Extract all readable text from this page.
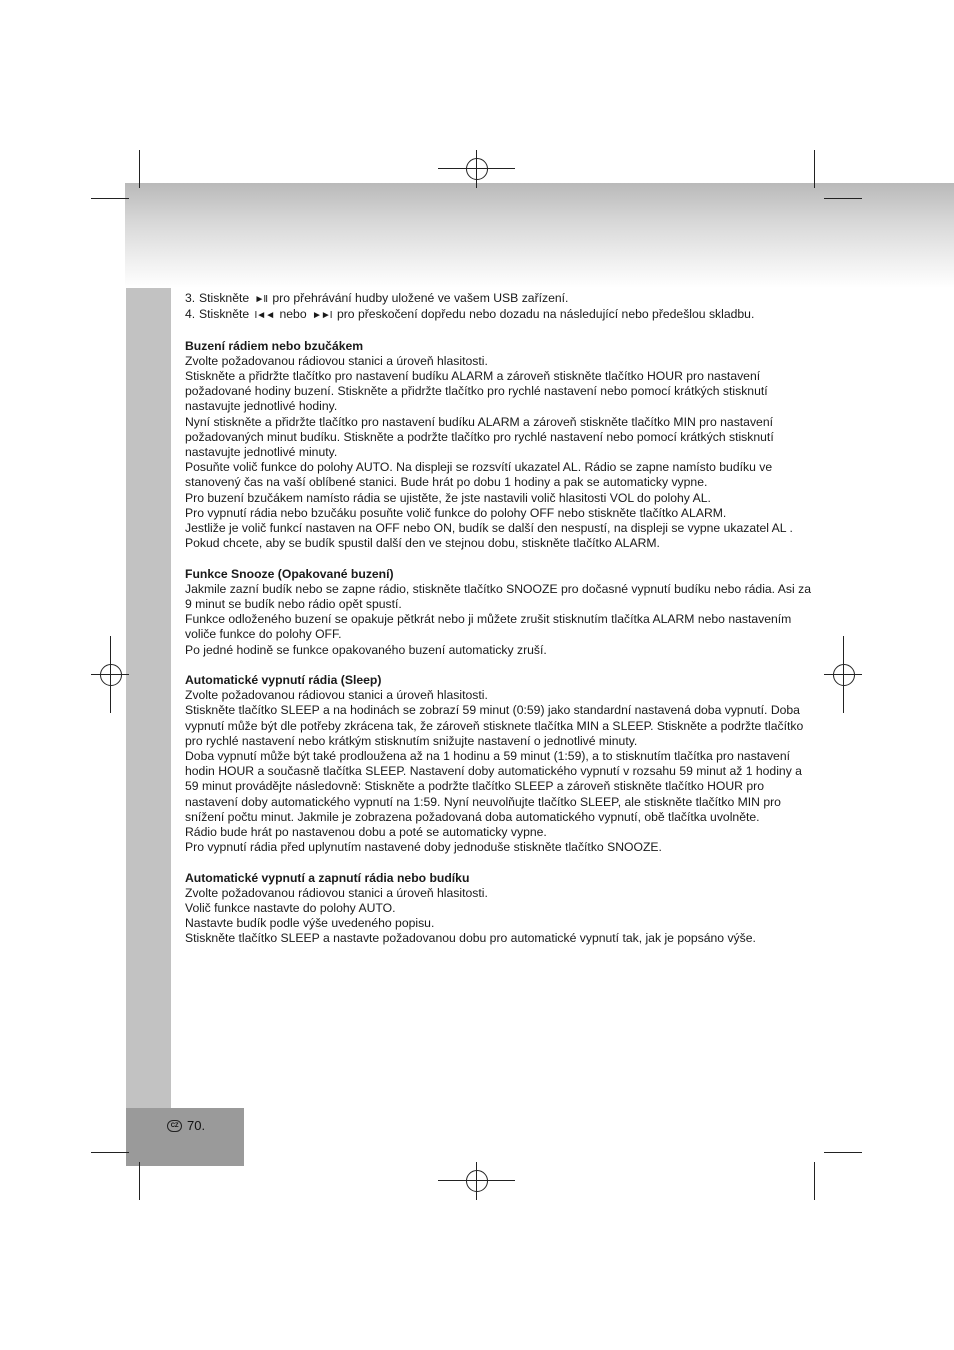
CZ 70.
3. Stiskněte ►II pro přehrávání hudby uložené ve vašem USB zařízení.
4. Stiskněte I◄◄ nebo ►►I pro přeskočení dopředu nebo dozadu na následující nebo předešlou skladbu.
Buzení rádiem nebo bzučákem

Zvolte požadovanou rádiovou stanici a úroveň hlasitosti.

Stiskněte a přidržte tlačítko pro nastavení budíku ALARM a zároveň stiskněte tlačítko HOUR pro nastavení požadované hodiny buzení. Stiskněte a přidržte tlačítko pro rychlé nastavení nebo pomocí krátkých stisknutí nastavujte jednotlivé hodiny.

Nyní stiskněte a přidržte tlačítko pro nastavení budíku ALARM a zároveň stiskněte tlačítko MIN pro nastavení požadovaných minut budíku. Stiskněte a podržte tlačítko pro rychlé nastavení nebo pomocí krátkých stisknutí nastavujte jednotlivé minuty.

Posuňte volič funkce do polohy AUTO. Na displeji se rozsvítí ukazatel AL. Rádio se zapne namísto budíku ve stanovený čas na vaší oblíbené stanici. Bude hrát po dobu 1 hodiny a pak se automaticky vypne.

Pro buzení bzučákem namísto rádia se ujistěte, že jste nastavili volič hlasitosti VOL do polohy AL.

Pro vypnutí rádia nebo bzučáku posuňte volič funkce do polohy OFF nebo stiskněte tlačítko ALARM.

Jestliže je volič funkcí nastaven na OFF nebo ON, budík se další den nespustí, na displeji se vypne ukazatel AL . Pokud chcete, aby se budík spustil další den ve stejnou dobu, stiskněte tlačítko ALARM.

Funkce Snooze (Opakované buzení)

Jakmile zazní budík nebo se zapne rádio, stiskněte tlačítko SNOOZE pro dočasné vypnutí budíku nebo rádia. Asi za 9 minut se budík nebo rádio opět spustí.

Funkce odloženého buzení se opakuje pětkrát nebo ji můžete zrušit stisknutím tlačítka ALARM nebo nastavením voliče funkce do polohy OFF.

Po jedné hodině se funkce opakovaného buzení automaticky zruší.

Automatické vypnutí rádia (Sleep)

Zvolte požadovanou rádiovou stanici a úroveň hlasitosti.

Stiskněte tlačítko SLEEP a na hodinách se zobrazí 59 minut (0:59) jako standardní nastavená doba vypnutí. Doba vypnutí může být dle potřeby zkrácena tak, že zároveň stisknete tlačítka MIN a SLEEP. Stiskněte a podržte tlačítko pro rychlé nastavení nebo krátkým stisknutím snižujte nastavení o jednotlivé minuty.

Doba vypnutí může být také prodloužena až na 1 hodinu a 59 minut (1:59), a to stisknutím tlačítka pro nastavení hodin HOUR a současně tlačítka SLEEP. Nastavení doby automatického vypnutí v rozsahu 59 minut až 1 hodiny a 59 minut provádějte následovně: Stiskněte a podržte tlačítko SLEEP a zároveň stiskněte tlačítko HOUR pro nastavení doby automatického vypnutí na 1:59. Nyní neuvolňujte tlačítko SLEEP, ale stiskněte tlačítko MIN pro snížení počtu minut. Jakmile je zobrazena požadovaná doba automatického vypnutí, obě tlačítka uvolněte.

Rádio bude hrát po nastavenou dobu a poté se automaticky vypne.

Pro vypnutí rádia před uplynutím nastavené doby jednoduše stiskněte tlačítko SNOOZE.

Automatické vypnutí a zapnutí rádia nebo budíku

Zvolte požadovanou rádiovou stanici a úroveň hlasitosti.

Volič funkce nastavte do polohy AUTO.

Nastavte budík podle výše uvedeného popisu.

Stiskněte tlačítko SLEEP a nastavte požadovanou dobu pro automatické vypnutí tak, jak je popsáno výše.
